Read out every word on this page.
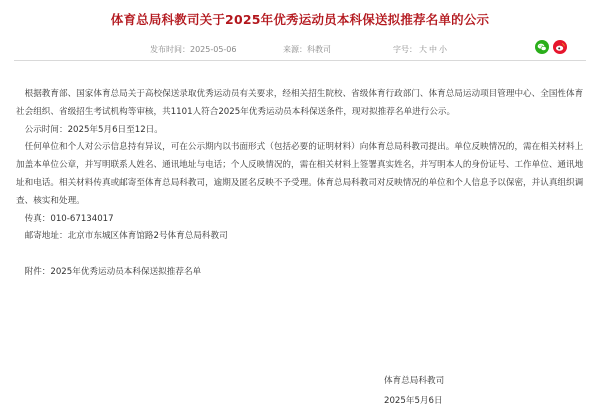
体育总局科教司关于2025年优秀运动员本科保送拟推荐名单的公示
发布时间：2025-05-06	来源：科教司	字号： 大 中 小

根据教育部、国家体育总局关于高校保送录取优秀运动员有关要求，经相关招生院校、省级体育行政部门、体育总局运动项目管理中心、全国性体育社会组织、省级招生考试机构等审核，共1101人符合2025年优秀运动员本科保送条件，现对拟推荐名单进行公示。

公示时间：2025年5月6日至12日。

任何单位和个人对公示信息持有异议，可在公示期内以书面形式（包括必要的证明材料）向体育总局科教司提出。单位反映情况的，需在相关材料上加盖本单位公章，并写明联系人姓名、通讯地址与电话；个人反映情况的，需在相关材料上签署真实姓名，并写明本人的身份证号、工作单位、通讯地址和电话。相关材料传真或邮寄至体育总局科教司，逾期及匿名反映不予受理。体育总局科教司对反映情况的单位和个人信息予以保密，并认真组织调查、核实和处理。

传真：010-67134017

邮寄地址：北京市东城区体育馆路2号体育总局科教司

附件：2025年优秀运动员本科保送拟推荐名单

体育总局科教司
2025年5月6日
